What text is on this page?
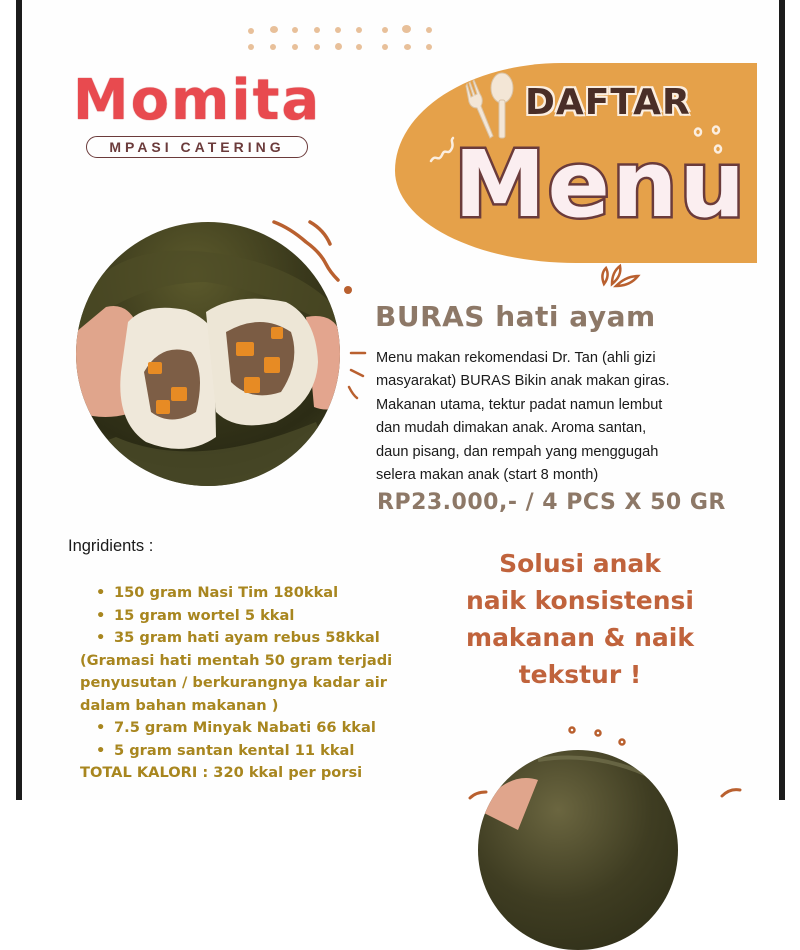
Momita
MPASI CATERING
DAFTAR
Menu
BURAS hati ayam

Menu makan rekomendasi Dr. Tan (ahli gizi
masyarakat) BURAS Bikin anak makan giras.
Makanan utama, tektur padat namun lembut
dan mudah dimakan anak. Aroma santan,
daun pisang, dan rempah yang menggugah
selera makan anak (start 8 month)

RP23.000,- / 4 PCS X 50 GR
Ingridients :
• 150 gram Nasi Tim 180kkal
• 15 gram wortel 5 kkal
• 35 gram hati ayam rebus 58kkal
(Gramasi hati mentah 50 gram terjadi
penyusutan / berkurangnya kadar air
dalam bahan makanan )
• 7.5 gram Minyak Nabati 66 kkal
• 5 gram santan kental 11 kkal
TOTAL KALORI : 320 kkal per porsi
Solusi anak
naik konsistensi
makanan & naik
tekstur !
